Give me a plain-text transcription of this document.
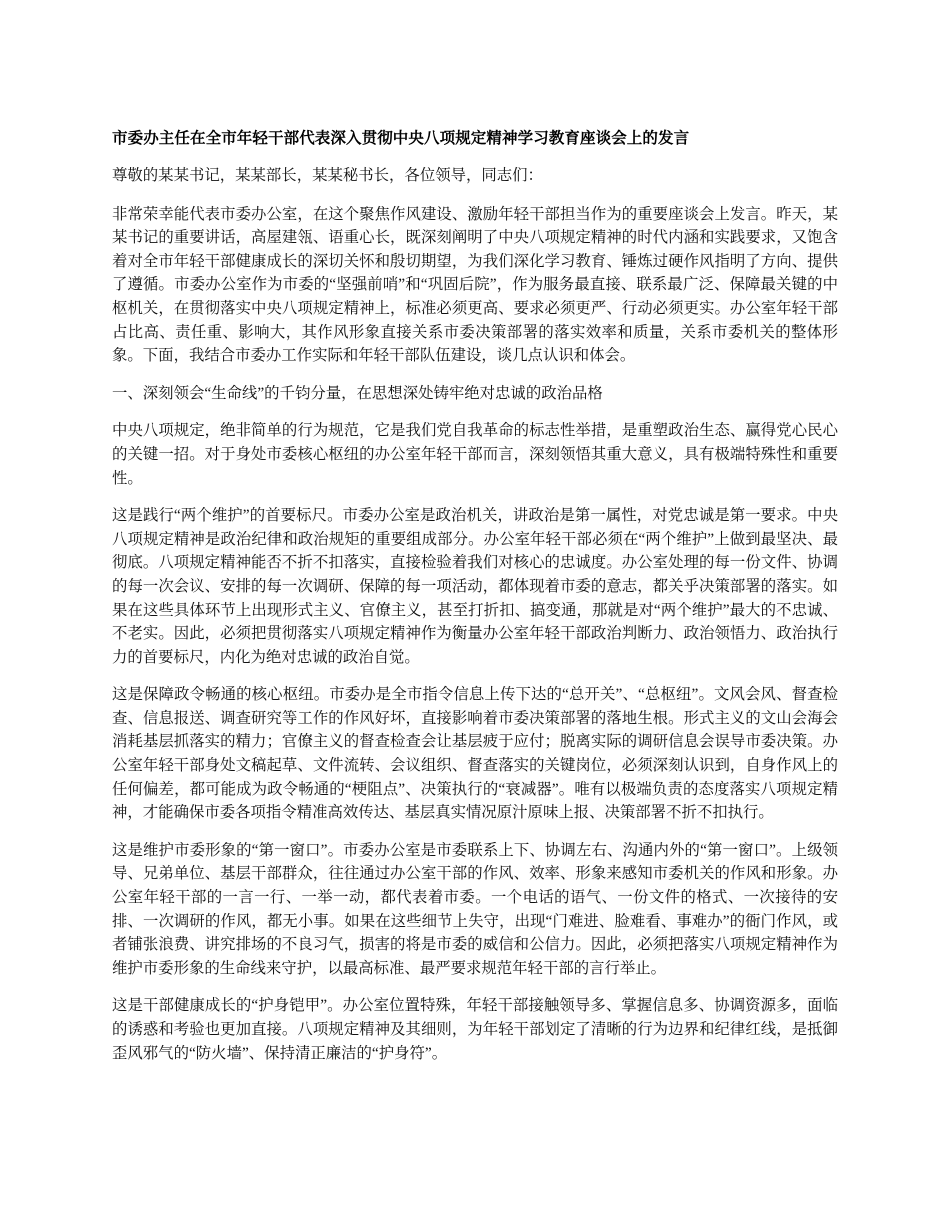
市委办主任在全市年轻干部代表深入贯彻中央八项规定精神学习教育座谈会上的发言

尊敬的某某书记，某某部长，某某秘书长，各位领导，同志们：

非常荣幸能代表市委办公室，在这个聚焦作风建设、激励年轻干部担当作为的重要座谈会上发言。昨天，某某书记的重要讲话，高屋建瓴、语重心长，既深刻阐明了中央八项规定精神的时代内涵和实践要求，又饱含着对全市年轻干部健康成长的深切关怀和殷切期望，为我们深化学习教育、锤炼过硬作风指明了方向、提供了遵循。市委办公室作为市委的“坚强前哨”和“巩固后院”，作为服务最直接、联系最广泛、保障最关键的中枢机关，在贯彻落实中央八项规定精神上，标准必须更高、要求必须更严、行动必须更实。办公室年轻干部占比高、责任重、影响大，其作风形象直接关系市委决策部署的落实效率和质量，关系市委机关的整体形象。下面，我结合市委办工作实际和年轻干部队伍建设，谈几点认识和体会。

一、深刻领会“生命线”的千钧分量，在思想深处铸牢绝对忠诚的政治品格

中央八项规定，绝非简单的行为规范，它是我们党自我革命的标志性举措，是重塑政治生态、赢得党心民心的关键一招。对于身处市委核心枢纽的办公室年轻干部而言，深刻领悟其重大意义，具有极端特殊性和重要性。

这是践行“两个维护”的首要标尺。市委办公室是政治机关，讲政治是第一属性，对党忠诚是第一要求。中央八项规定精神是政治纪律和政治规矩的重要组成部分。办公室年轻干部必须在“两个维护”上做到最坚决、最彻底。八项规定精神能否不折不扣落实，直接检验着我们对核心的忠诚度。办公室处理的每一份文件、协调的每一次会议、安排的每一次调研、保障的每一项活动，都体现着市委的意志，都关乎决策部署的落实。如果在这些具体环节上出现形式主义、官僚主义，甚至打折扣、搞变通，那就是对“两个维护”最大的不忠诚、不老实。因此，必须把贯彻落实八项规定精神作为衡量办公室年轻干部政治判断力、政治领悟力、政治执行力的首要标尺，内化为绝对忠诚的政治自觉。

这是保障政令畅通的核心枢纽。市委办是全市指令信息上传下达的“总开关”、“总枢纽”。文风会风、督查检查、信息报送、调查研究等工作的作风好坏，直接影响着市委决策部署的落地生根。形式主义的文山会海会消耗基层抓落实的精力；官僚主义的督查检查会让基层疲于应付；脱离实际的调研信息会误导市委决策。办公室年轻干部身处文稿起草、文件流转、会议组织、督查落实的关键岗位，必须深刻认识到，自身作风上的任何偏差，都可能成为政令畅通的“梗阻点”、决策执行的“衰减器”。唯有以极端负责的态度落实八项规定精神，才能确保市委各项指令精准高效传达、基层真实情况原汁原味上报、决策部署不折不扣执行。

这是维护市委形象的“第一窗口”。市委办公室是市委联系上下、协调左右、沟通内外的“第一窗口”。上级领导、兄弟单位、基层干部群众，往往通过办公室干部的作风、效率、形象来感知市委机关的作风和形象。办公室年轻干部的一言一行、一举一动，都代表着市委。一个电话的语气、一份文件的格式、一次接待的安排、一次调研的作风，都无小事。如果在这些细节上失守，出现“门难进、脸难看、事难办”的衙门作风，或者铺张浪费、讲究排场的不良习气，损害的将是市委的威信和公信力。因此，必须把落实八项规定精神作为维护市委形象的生命线来守护，以最高标准、最严要求规范年轻干部的言行举止。

这是干部健康成长的“护身铠甲”。办公室位置特殊，年轻干部接触领导多、掌握信息多、协调资源多，面临的诱惑和考验也更加直接。八项规定精神及其细则，为年轻干部划定了清晰的行为边界和纪律红线，是抵御歪风邪气的“防火墙”、保持清正廉洁的“护身符”。
